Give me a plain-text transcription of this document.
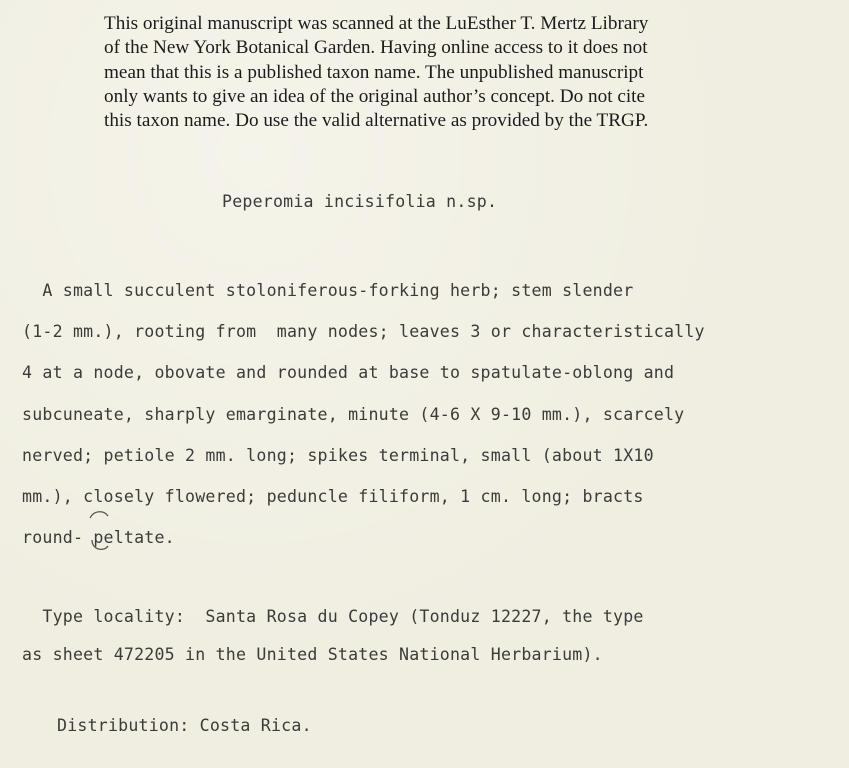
This original manuscript was scanned at the LuEsther T. Mertz Library
of the New York Botanical Garden. Having online access to it does not
mean that this is a published taxon name. The unpublished manuscript
only wants to give an idea of the original author’s concept. Do not cite
this taxon name. Do use the valid alternative as provided by the TRGP.
Peperomia incisifolia n.sp.
A small succulent stoloniferous-forking herb; stem slender
(1-2 mm.), rooting from  many nodes; leaves 3 or characteristically
4 at a node, obovate and rounded at base to spatulate-oblong and
subcuneate, sharply emarginate, minute (4-6 X 9-10 mm.), scarcely
nerved; petiole 2 mm. long; spikes terminal, small (about 1X10
mm.), closely flowered; peduncle filiform, 1 cm. long; bracts
round- peltate.
Type locality:  Santa Rosa du Copey (Tonduz 12227, the type
as sheet 472205 in the United States National Herbarium).
Distribution: Costa Rica.
